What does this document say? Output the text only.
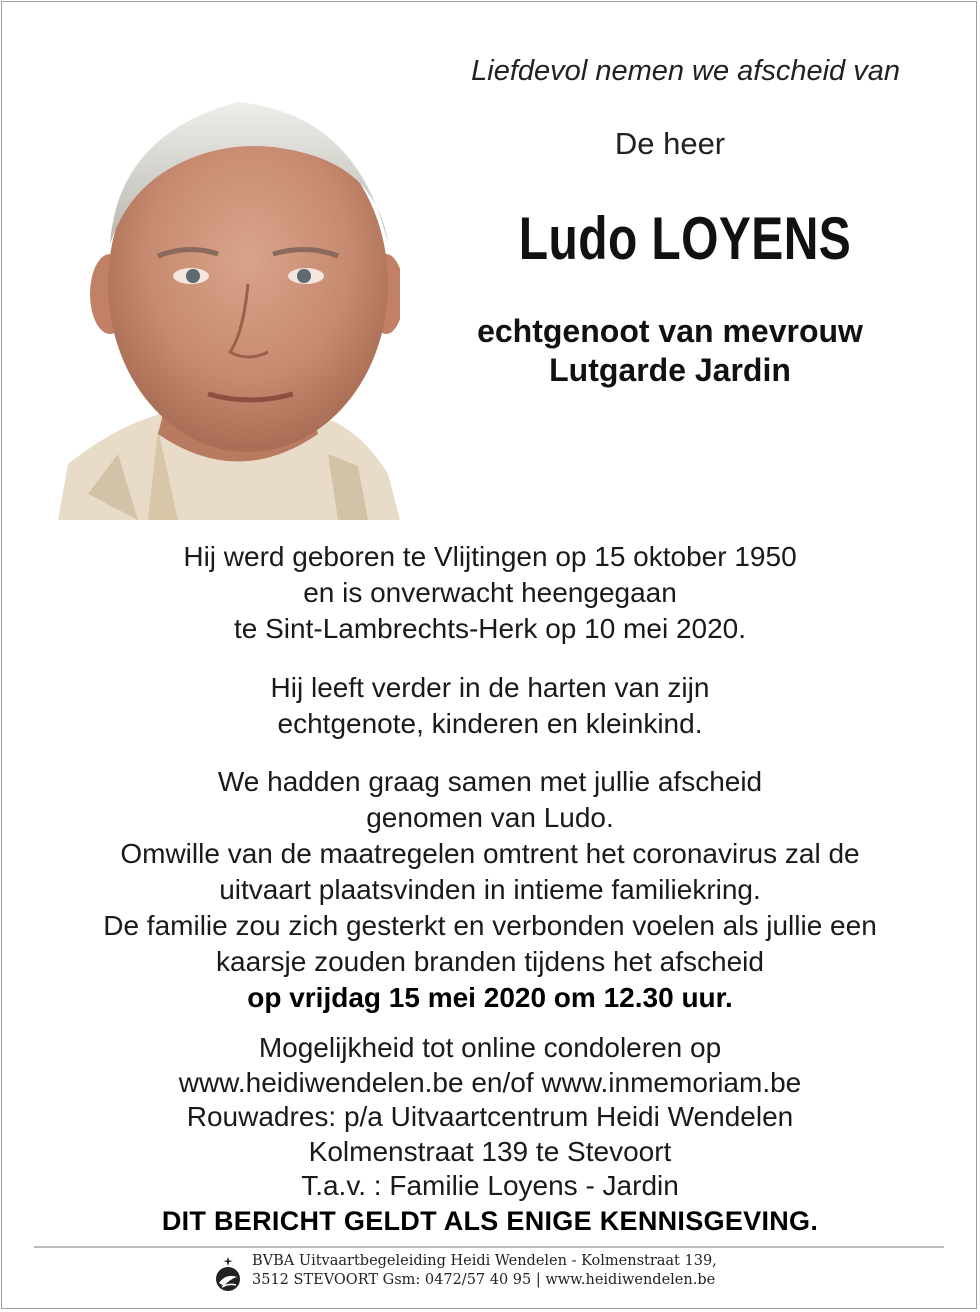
Liefdevol nemen we afscheid van
De heer
Ludo LOYENS
echtgenoot van mevrouw
Lutgarde Jardin
Hij werd geboren te Vlijtingen op 15 oktober 1950
en is onverwacht heengegaan
te Sint-Lambrechts-Herk op 10 mei 2020.
Hij leeft verder in de harten van zijn
echtgenote, kinderen en kleinkind.
We hadden graag samen met jullie afscheid
genomen van Ludo.
Omwille van de maatregelen omtrent het coronavirus zal de
uitvaart plaatsvinden in intieme familiekring.
De familie zou zich gesterkt en verbonden voelen als jullie een
kaarsje zouden branden tijdens het afscheid
op vrijdag 15 mei 2020 om 12.30 uur.
Mogelijkheid tot online condoleren op
www.heidiwendelen.be en/of www.inmemoriam.be
Rouwadres: p/a Uitvaartcentrum Heidi Wendelen
Kolmenstraat 139 te Stevoort
T.a.v. : Familie Loyens - Jardin
DIT BERICHT GELDT ALS ENIGE KENNISGEVING.
BVBA Uitvaartbegeleiding Heidi Wendelen - Kolmenstraat 139,
3512 STEVOORT Gsm: 0472/57 40 95 | www.heidiwendelen.be
